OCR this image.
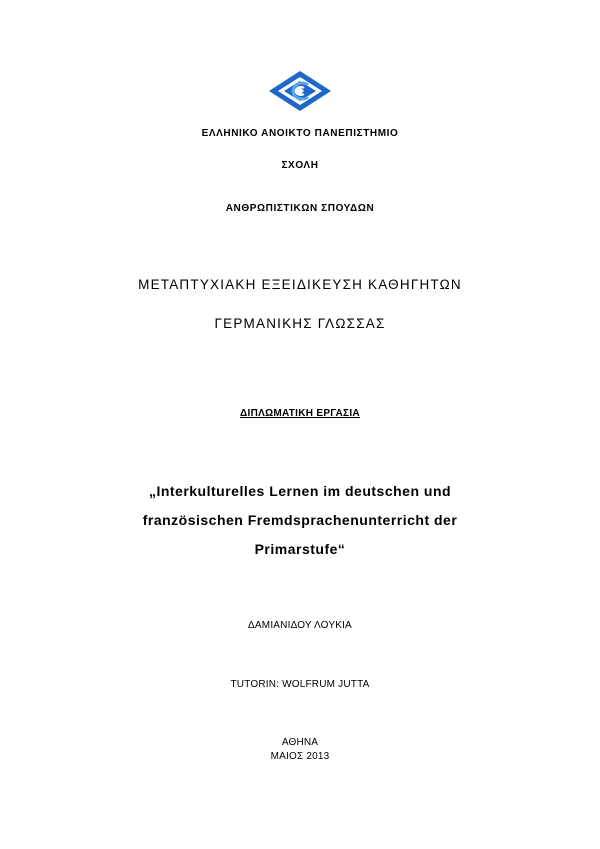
ΕΛΛΗΝΙΚΟ ΑΝΟΙΚΤΟ ΠΑΝΕΠΙΣΤΗΜΙΟ
ΣΧΟΛΗ
ΑΝΘΡΩΠΙΣΤΙΚΩΝ ΣΠΟΥΔΩΝ
ΜΕΤΑΠΤΥΧΙΑΚΗ ΕΞΕΙΔΙΚΕΥΣΗ ΚΑΘΗΓΗΤΩΝ
ΓΕΡΜΑΝΙΚΗΣ ΓΛΩΣΣΑΣ
ΔΙΠΛΩΜΑΤΙΚΗ ΕΡΓΑΣΙΑ
„Interkulturelles Lernen im deutschen und
französischen Fremdsprachenunterricht der
Primarstufe“
ΔΑΜΙΑΝΙΔΟΥ ΛΟΥΚΙΑ
TUTORIN: WOLFRUM JUTTA
ΑΘΗΝΑ
ΜΑΙΟΣ 2013
